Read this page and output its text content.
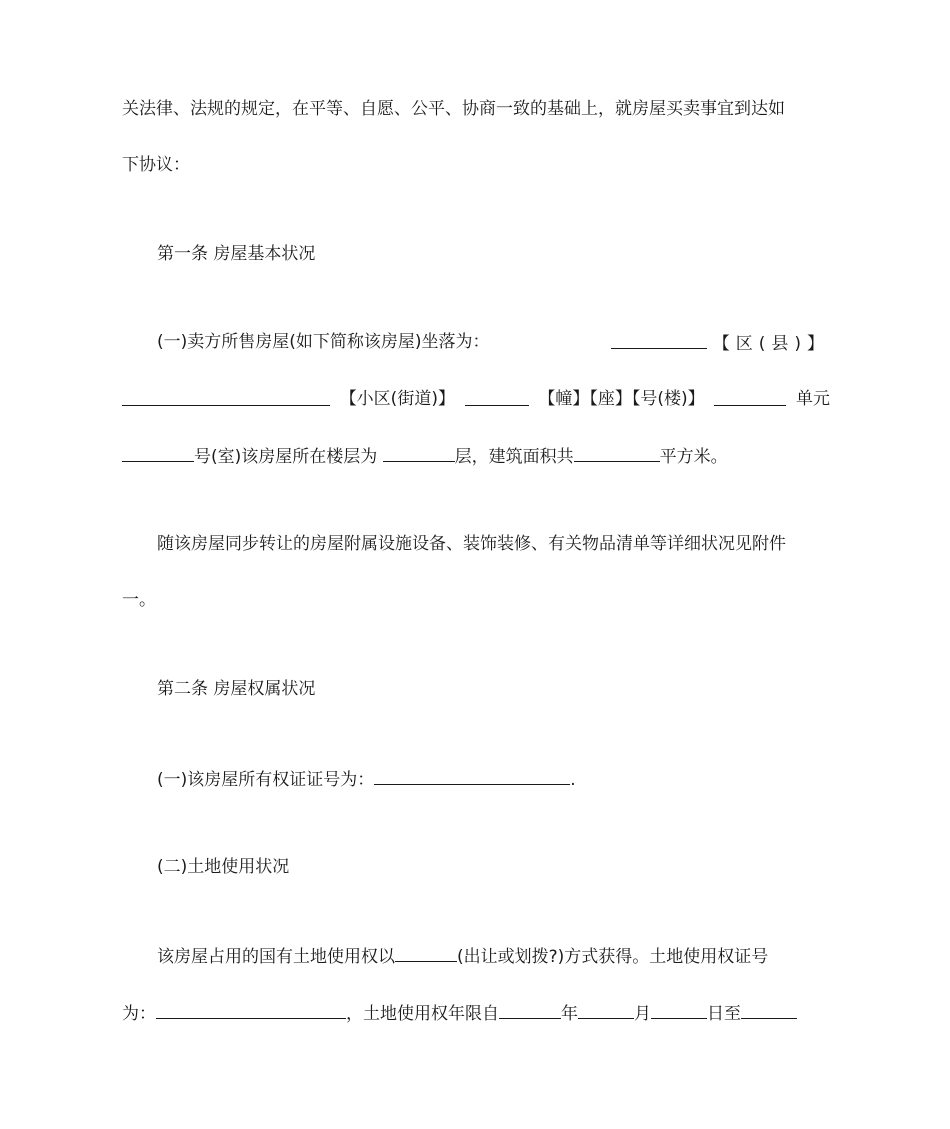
关法律、法规的规定，在平等、自愿、公平、协商一致的基础上，就房屋买卖事宜到达如
下协议：
第一条 房屋基本状况
(一)卖方所售房屋(如下简称该房屋)坐落为：	【区(县)】
【小区(街道)】	【幢】【座】【号(楼)】	单元
号(室)该房屋所在楼层为	层，建筑面积共	平方米。
随该房屋同步转让的房屋附属设施设备、装饰装修、有关物品清单等详细状况见附件
一。
第二条 房屋权属状况
(一)该房屋所有权证证号为：	.
(二)土地使用状况
该房屋占用的国有土地使用权以	(出让或划拨?)方式获得。土地使用权证号
为：	，土地使用权年限自	年	月	日至
